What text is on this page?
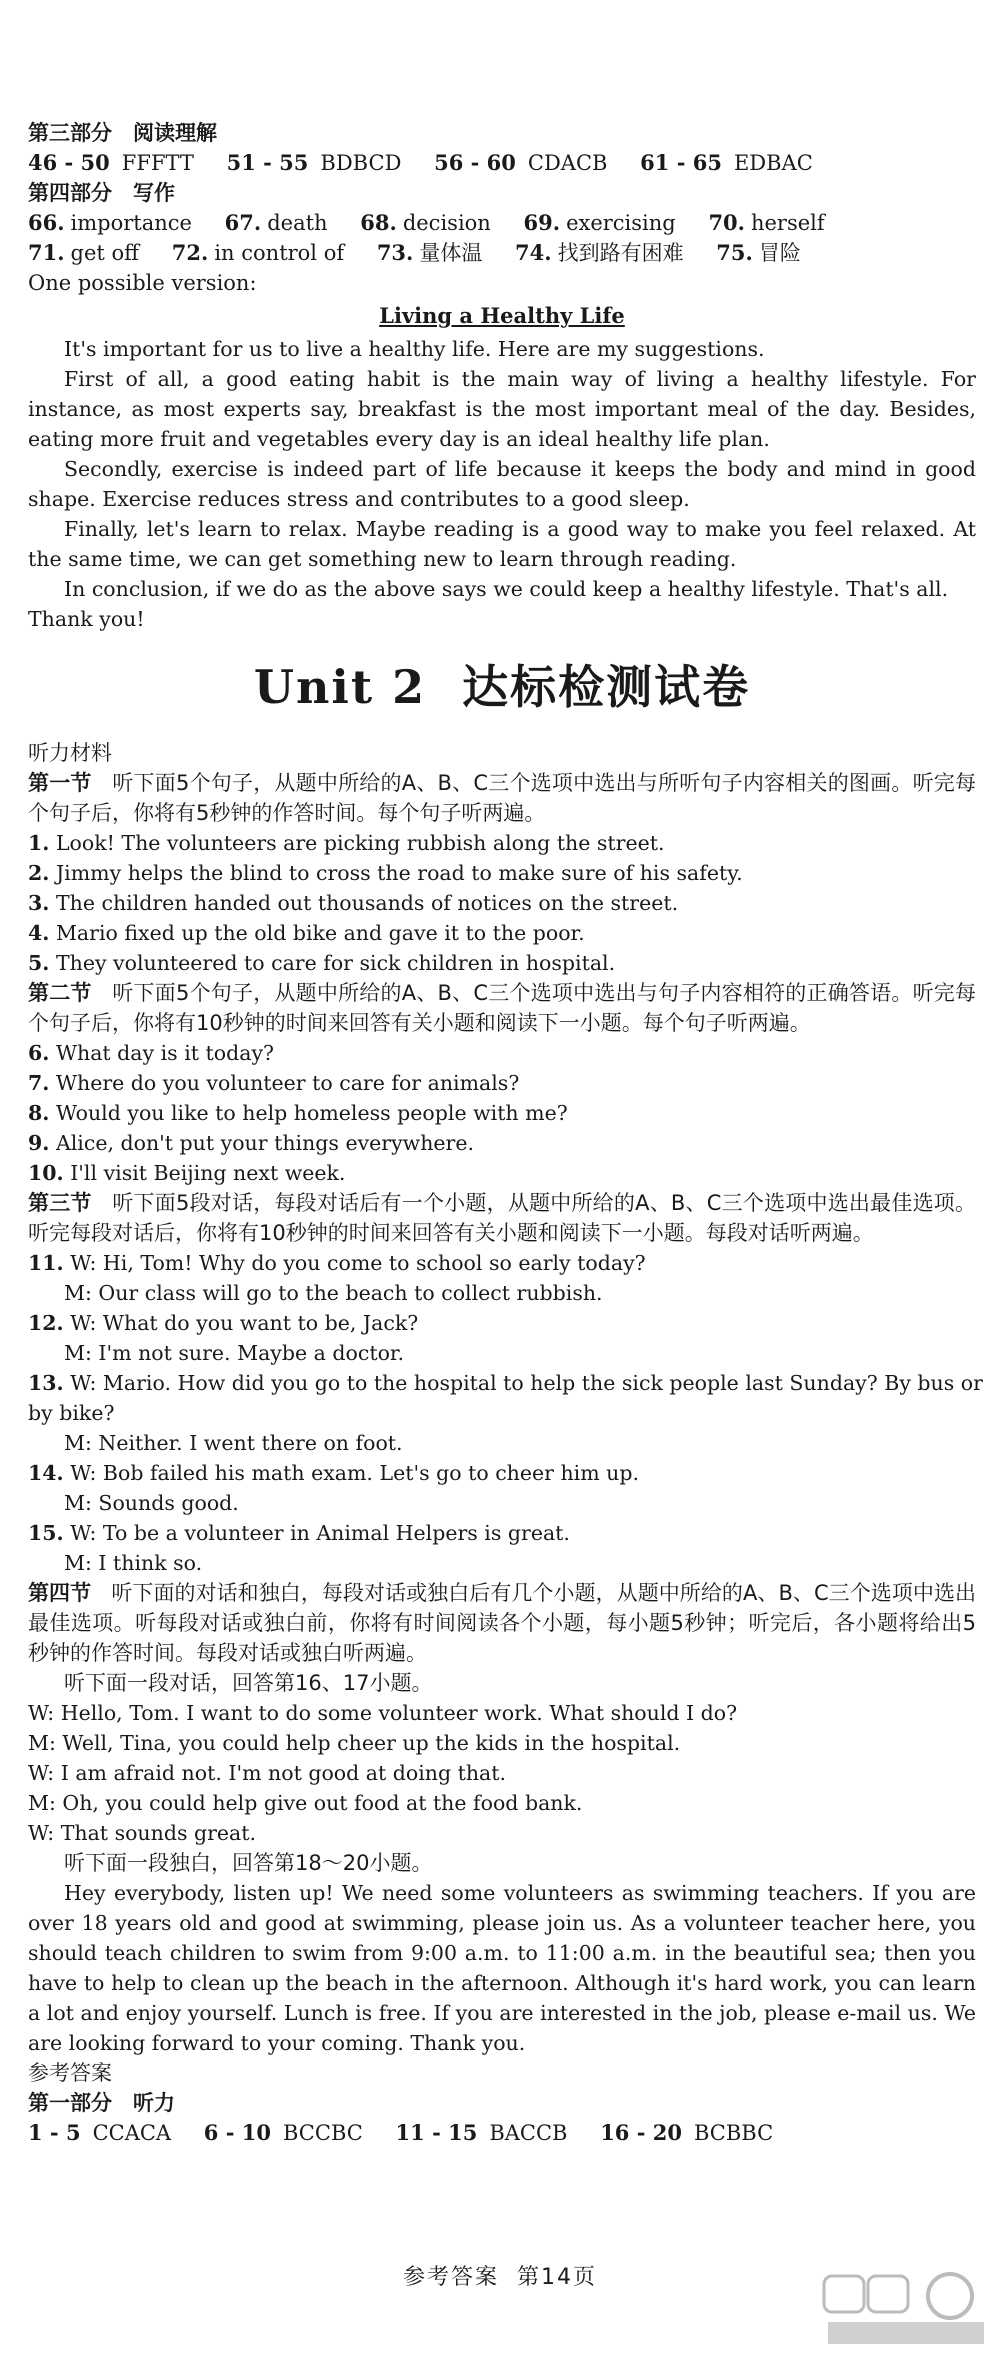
第三部分　阅读理解
46 - 50 FFFTT 51 - 55 BDBCD 56 - 60 CDACB 61 - 65 EDBAC
第四部分　写作
66. importance 67. death 68. decision 69. exercising 70. herself
71. get off 72. in control of 73. 量体温 74. 找到路有困难 75. 冒险
One possible version:
Living a Healthy Life

It's important for us to live a healthy life. Here are my suggestions.

First of all, a good eating habit is the main way of living a healthy lifestyle. For instance, as most experts say, breakfast is the most important meal of the day. Besides, eating more fruit and vegetables every day is an ideal healthy life plan.

Secondly, exercise is indeed part of life because it keeps the body and mind in good shape. Exercise reduces stress and contributes to a good sleep.

Finally, let's learn to relax. Maybe reading is a good way to make you feel relaxed. At the same time, we can get something new to learn through reading.

In conclusion, if we do as the above says we could keep a healthy lifestyle. That's all.

Thank you!

Unit 2 达标检测试卷
听力材料
第一节 听下面5个句子，从题中所给的A、B、C三个选项中选出与所听句子内容相关的图画。听完每个句子后，你将有5秒钟的作答时间。每个句子听两遍。
1. Look! The volunteers are picking rubbish along the street.
2. Jimmy helps the blind to cross the road to make sure of his safety.
3. The children handed out thousands of notices on the street.
4. Mario fixed up the old bike and gave it to the poor.
5. They volunteered to care for sick children in hospital.
第二节 听下面5个句子，从题中所给的A、B、C三个选项中选出与句子内容相符的正确答语。听完每个句子后，你将有10秒钟的时间来回答有关小题和阅读下一小题。每个句子听两遍。
6. What day is it today?
7. Where do you volunteer to care for animals?
8. Would you like to help homeless people with me?
9. Alice, don't put your things everywhere.
10. I'll visit Beijing next week.
第三节 听下面5段对话，每段对话后有一个小题，从题中所给的A、B、C三个选项中选出最佳选项。听完每段对话后，你将有10秒钟的时间来回答有关小题和阅读下一小题。每段对话听两遍。
11. W: Hi, Tom! Why do you come to school so early today?
M: Our class will go to the beach to collect rubbish.
12. W: What do you want to be, Jack?
M: I'm not sure. Maybe a doctor.
13. W: Mario. How did you go to the hospital to help the sick people last Sunday? By bus or
by bike?
M: Neither. I went there on foot.
14. W: Bob failed his math exam. Let's go to cheer him up.
M: Sounds good.
15. W: To be a volunteer in Animal Helpers is great.
M: I think so.
第四节 听下面的对话和独白，每段对话或独白后有几个小题，从题中所给的A、B、C三个选项中选出最佳选项。听每段对话或独白前，你将有时间阅读各个小题，每小题5秒钟；听完后，各小题将给出5秒钟的作答时间。每段对话或独白听两遍。
听下面一段对话，回答第16、17小题。
W: Hello, Tom. I want to do some volunteer work. What should I do?
M: Well, Tina, you could help cheer up the kids in the hospital.
W: I am afraid not. I'm not good at doing that.
M: Oh, you could help give out food at the food bank.
W: That sounds great.
听下面一段独白，回答第18～20小题。

Hey everybody, listen up! We need some volunteers as swimming teachers. If you are over 18 years old and good at swimming, please join us. As a volunteer teacher here, you should teach children to swim from 9:00 a.m. to 11:00 a.m. in the beautiful sea; then you have to help to clean up the beach in the afternoon. Although it's hard work, you can learn a lot and enjoy yourself. Lunch is free. If you are interested in the job, please e-mail us. We are looking forward to your coming. Thank you.

参考答案
第一部分　听力
1 - 5 CCACA 6 - 10 BCCBC 11 - 15 BACCB 16 - 20 BCBBC
参考答案 第14页
